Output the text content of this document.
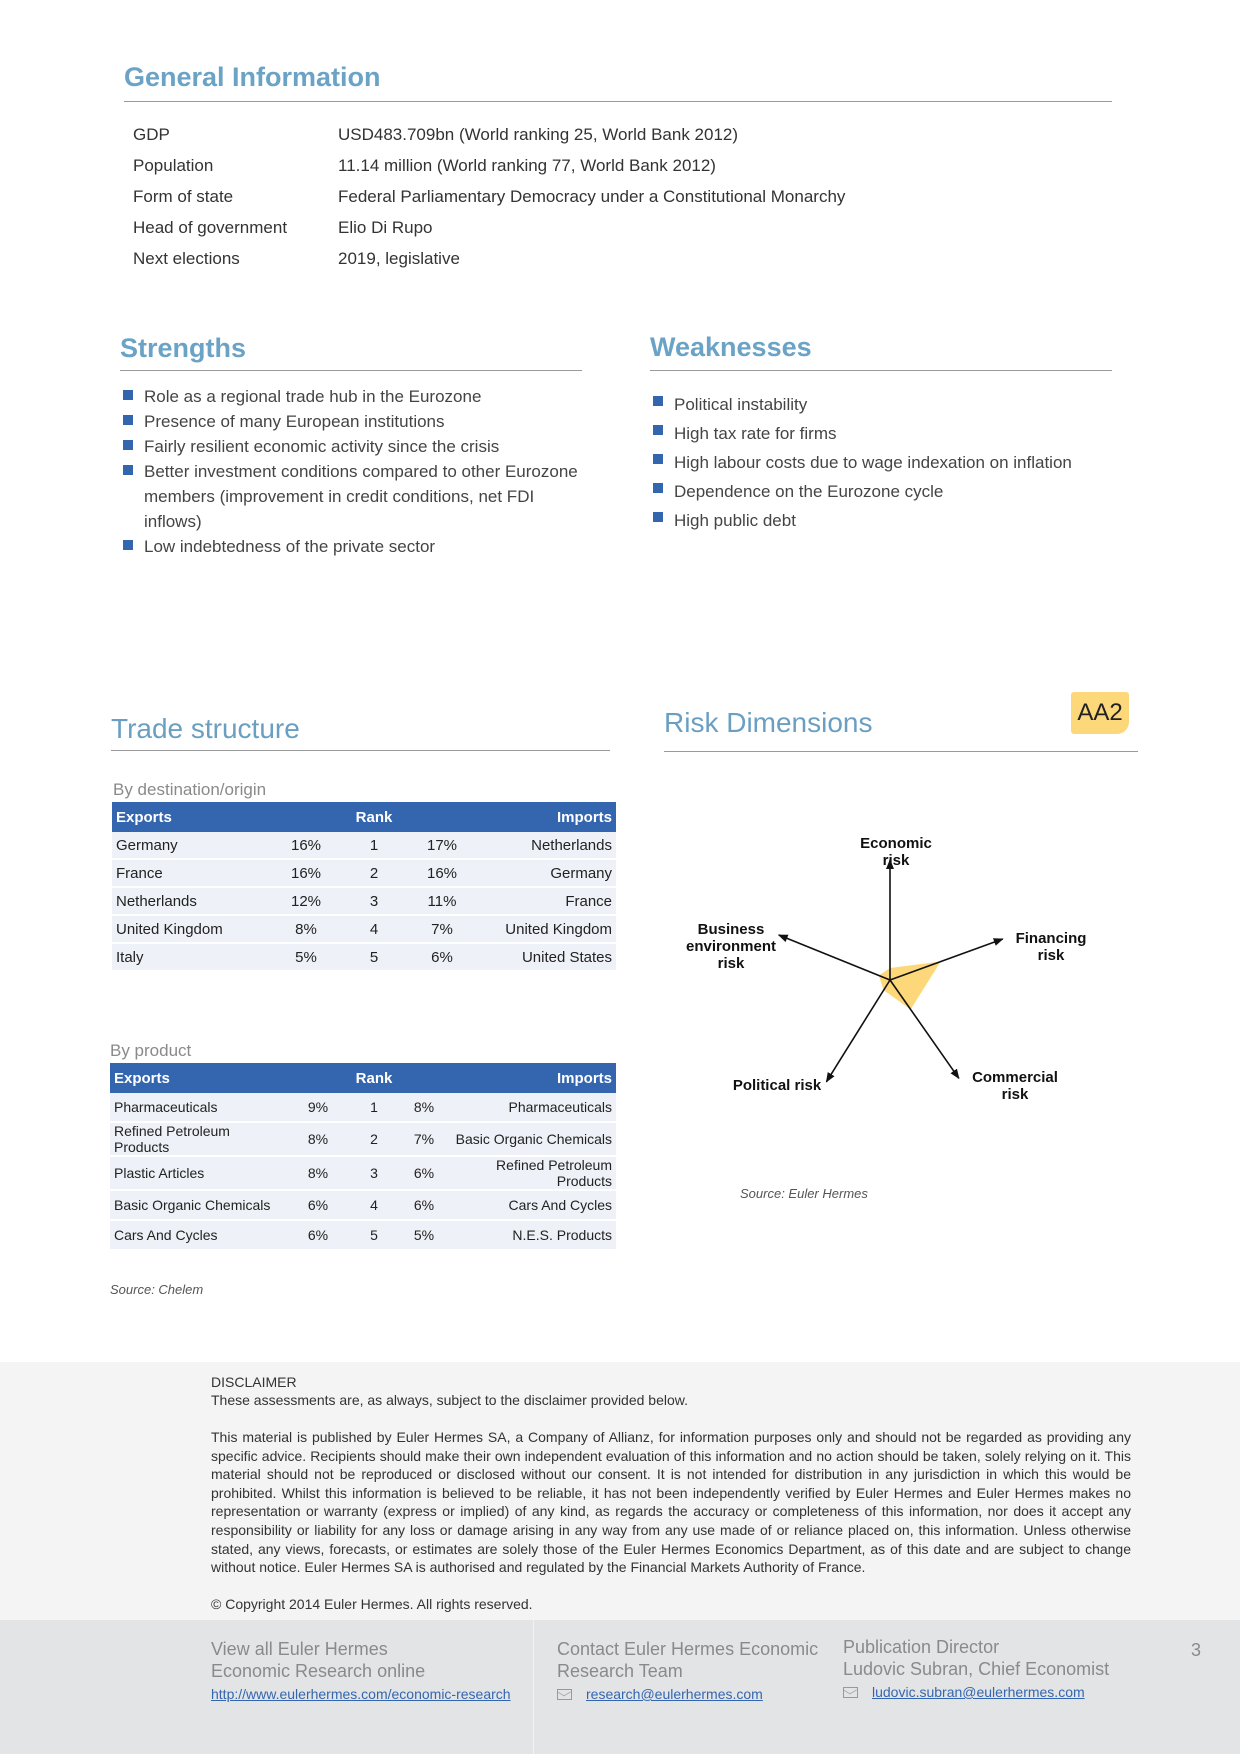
General Information
GDP	USD483.709bn (World ranking 25, World Bank 2012)
Population	11.14 million (World ranking 77, World Bank 2012)
Form of state	Federal Parliamentary Democracy under a Constitutional Monarchy
Head of government	Elio Di Rupo
Next elections	2019, legislative
Strengths
Role as a regional trade hub in the Eurozone
Presence of many European institutions
Fairly resilient economic activity since the crisis
Better investment conditions compared to other Eurozone members (improvement in credit conditions, net FDI inflows)
Low indebtedness of the private sector
Weaknesses
Political instability
High tax rate for firms
High labour costs due to wage indexation on inflation
Dependence on the Eurozone cycle
High public debt
Trade structure
By destination/origin
Exports		Rank		Imports
Germany	16%	1	17%	Netherlands
France	16%	2	16%	Germany
Netherlands	12%	3	11%	France
United Kingdom	8%	4	7%	United Kingdom
Italy	5%	5	6%	United States
By product
Exports		Rank		Imports
Pharmaceuticals	9%	1	8%	Pharmaceuticals
Refined Petroleum Products	8%	2	7%	Basic Organic Chemicals
Plastic Articles	8%	3	6%	Refined Petroleum Products
Basic Organic Chemicals	6%	4	6%	Cars And Cycles
Cars And Cycles	6%	5	5%	N.E.S. Products
Source: Chelem
Risk Dimensions	AA2
Economic risk
Financing risk
Commercial risk
Political risk
Business environment risk
Source: Euler Hermes
DISCLAIMER
These assessments are, as always, subject to the disclaimer provided below.
This material is published by Euler Hermes SA, a Company of Allianz, for information purposes only and should not be regarded as providing any specific advice. Recipients should make their own independent evaluation of this information and no action should be taken, solely relying on it. This material should not be reproduced or disclosed without our consent. It is not intended for distribution in any jurisdiction in which this would be prohibited. Whilst this information is believed to be reliable, it has not been independently verified by Euler Hermes and Euler Hermes makes no representation or warranty (express or implied) of any kind, as regards the accuracy or completeness of this information, nor does it accept any responsibility or liability for any loss or damage arising in any way from any use made of or reliance placed on, this information. Unless otherwise stated, any views, forecasts, or estimates are solely those of the Euler Hermes Economics Department, as of this date and are subject to change without notice. Euler Hermes SA is authorised and regulated by the Financial Markets Authority of France.
© Copyright 2014 Euler Hermes. All rights reserved.
View all Euler Hermes
Economic Research online
http://www.eulerhermes.com/economic-research
Contact Euler Hermes Economic
Research Team
research@eulerhermes.com
Publication Director
Ludovic Subran, Chief Economist
ludovic.subran@eulerhermes.com
3
